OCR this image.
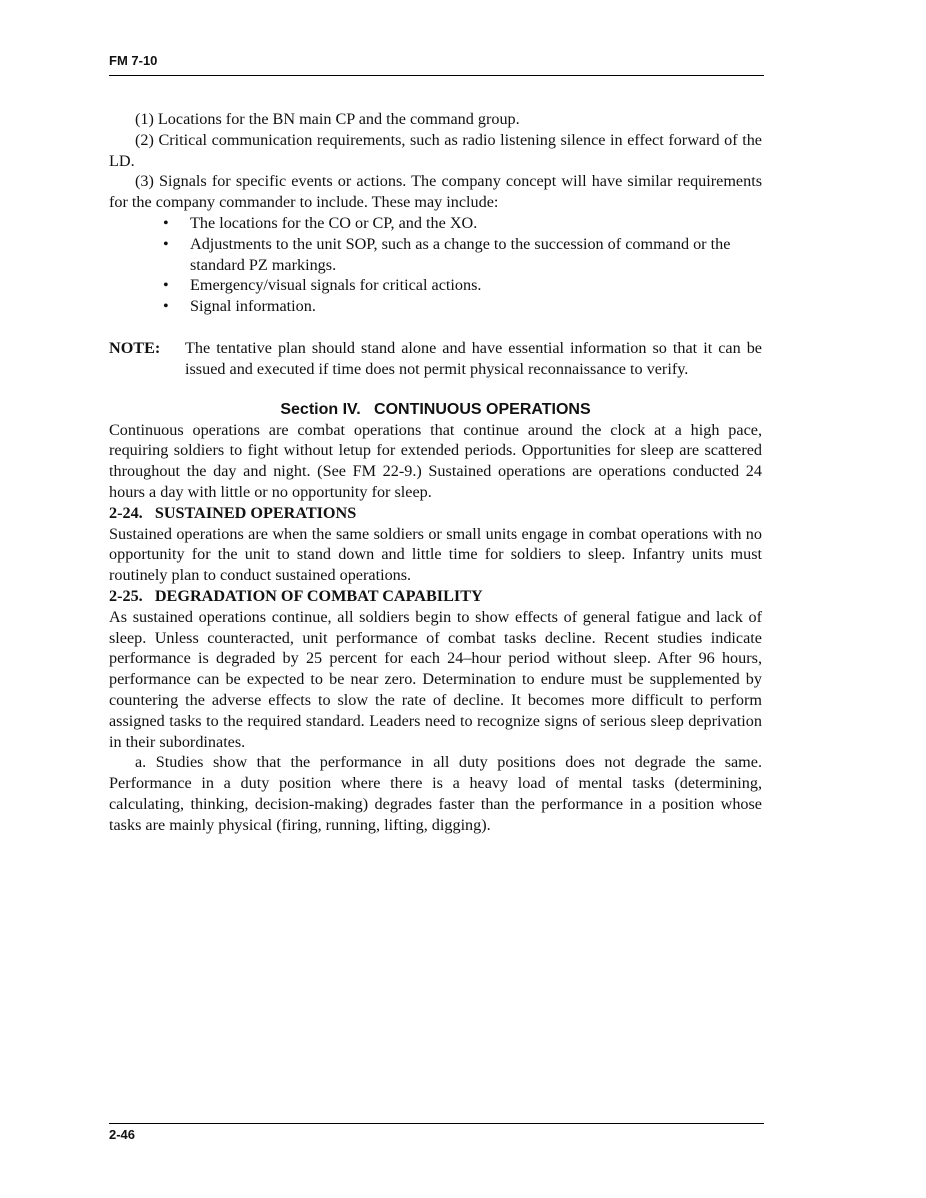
FM 7-10

(1) Locations for the BN main CP and the command group.

(2) Critical communication requirements, such as radio listening silence in effect forward of the LD.

(3) Signals for specific events or actions. The company concept will have similar requirements for the company commander to include. These may include:

• The locations for the CO or CP, and the XO.
• Adjustments to the unit SOP, such as a change to the succession of command or the standard PZ markings.
• Emergency/visual signals for critical actions.
• Signal information.
NOTE:	The tentative plan should stand alone and have essential information so that it can be issued and executed if time does not permit physical reconnaissance to verify.
Section IV.   CONTINUOUS OPERATIONS

Continuous operations are combat operations that continue around the clock at a high pace, requiring soldiers to fight without letup for extended periods. Opportunities for sleep are scattered throughout the day and night. (See FM 22-9.) Sustained operations are operations conducted 24 hours a day with little or no opportunity for sleep.

2-24.   SUSTAINED OPERATIONS

Sustained operations are when the same soldiers or small units engage in combat operations with no opportunity for the unit to stand down and little time for soldiers to sleep. Infantry units must routinely plan to conduct sustained operations.

2-25.   DEGRADATION OF COMBAT CAPABILITY

As sustained operations continue, all soldiers begin to show effects of general fatigue and lack of sleep. Unless counteracted, unit performance of combat tasks decline. Recent studies indicate performance is degraded by 25 percent for each 24–hour period without sleep. After 96 hours, performance can be expected to be near zero. Determination to endure must be supplemented by countering the adverse effects to slow the rate of decline. It becomes more difficult to perform assigned tasks to the required standard. Leaders need to recognize signs of serious sleep deprivation in their subordinates.

a. Studies show that the performance in all duty positions does not degrade the same. Performance in a duty position where there is a heavy load of mental tasks (determining, calculating, thinking, decision-making) degrades faster than the performance in a position whose tasks are mainly physical (firing, running, lifting, digging).

2-46
